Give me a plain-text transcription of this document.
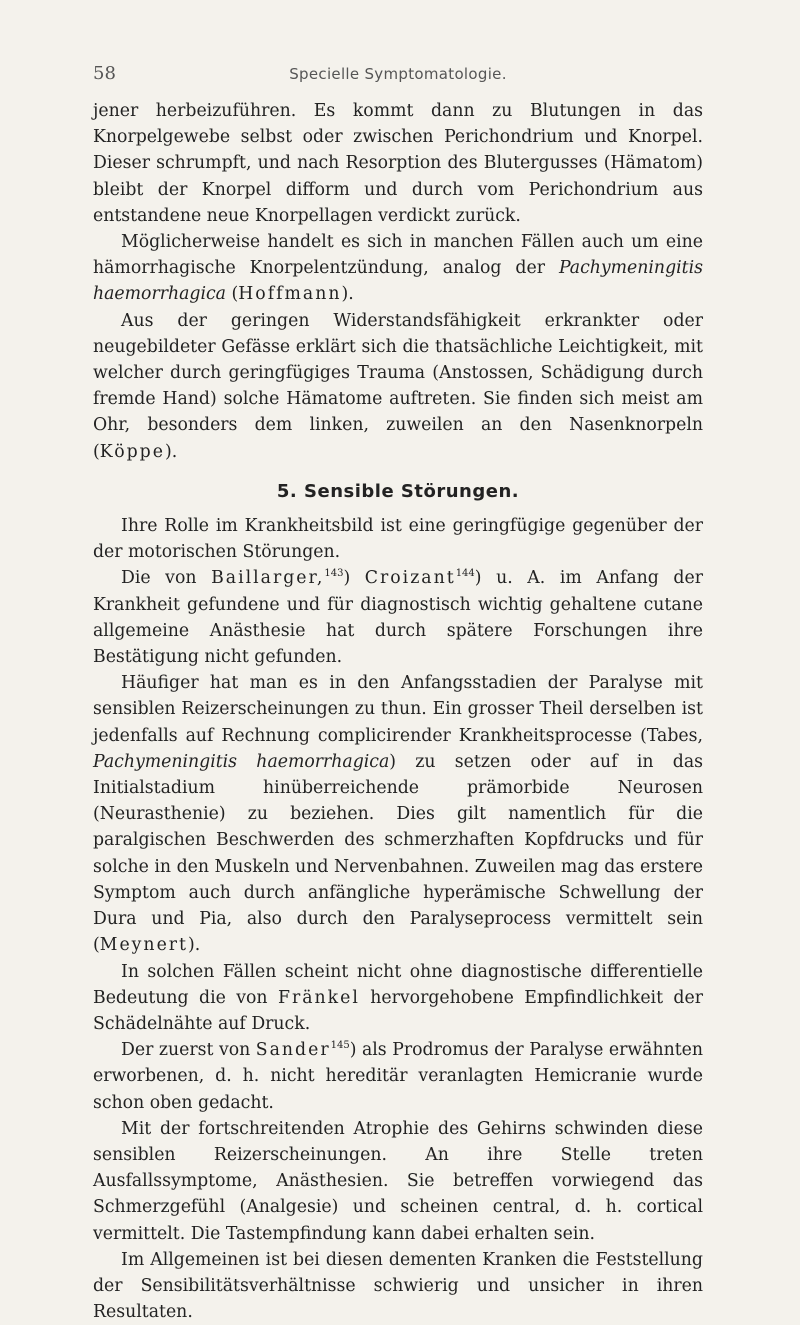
58	Specielle Symptomatologie.

jener herbeizuführen. Es kommt dann zu Blutungen in das Knorpelgewebe selbst oder zwischen Perichondrium und Knorpel. Dieser schrumpft, und nach Resorption des Blutergusses (Hämatom) bleibt der Knorpel difform und durch vom Perichondrium aus entstandene neue Knorpellagen verdickt zurück.

Möglicherweise handelt es sich in manchen Fällen auch um eine hämorrhagische Knorpelentzündung, analog der Pachymeningitis haemorrhagica (Hoffmann).

Aus der geringen Widerstandsfähigkeit erkrankter oder neugebildeter Gefässe erklärt sich die thatsächliche Leichtigkeit, mit welcher durch geringfügiges Trauma (Anstossen, Schädigung durch fremde Hand) solche Hämatome auftreten. Sie finden sich meist am Ohr, besonders dem linken, zuweilen an den Nasenknorpeln (Köppe).

5. Sensible Störungen.

Ihre Rolle im Krankheitsbild ist eine geringfügige gegenüber der der motorischen Störungen.

Die von Baillarger,$^{143}$) Croizant$^{144}$) u. A. im Anfang der Krankheit gefundene und für diagnostisch wichtig gehaltene cutane allgemeine Anästhesie hat durch spätere Forschungen ihre Bestätigung nicht gefunden.

Häufiger hat man es in den Anfangsstadien der Paralyse mit sensiblen Reizerscheinungen zu thun. Ein grosser Theil derselben ist jedenfalls auf Rechnung complicirender Krankheitsprocesse (Tabes, Pachymeningitis haemorrhagica) zu setzen oder auf in das Initialstadium hinüberreichende prämorbide Neurosen (Neurasthenie) zu beziehen. Dies gilt namentlich für die paralgischen Beschwerden des schmerzhaften Kopfdrucks und für solche in den Muskeln und Nervenbahnen. Zuweilen mag das erstere Symptom auch durch anfängliche hyperämische Schwellung der Dura und Pia, also durch den Paralyseprocess vermittelt sein (Meynert).

In solchen Fällen scheint nicht ohne diagnostische differentielle Bedeutung die von Fränkel hervorgehobene Empfindlichkeit der Schädelnähte auf Druck.

Der zuerst von Sander$^{145}$) als Prodromus der Paralyse erwähnten erworbenen, d. h. nicht hereditär veranlagten Hemicranie wurde schon oben gedacht.

Mit der fortschreitenden Atrophie des Gehirns schwinden diese sensiblen Reizerscheinungen. An ihre Stelle treten Ausfallssymptome, Anästhesien. Sie betreffen vorwiegend das Schmerzgefühl (Analgesie) und scheinen central, d. h. cortical vermittelt. Die Tastempfindung kann dabei erhalten sein.

Im Allgemeinen ist bei diesen dementen Kranken die Feststellung der Sensibilitätsverhältnisse schwierig und unsicher in ihren Resultaten.
